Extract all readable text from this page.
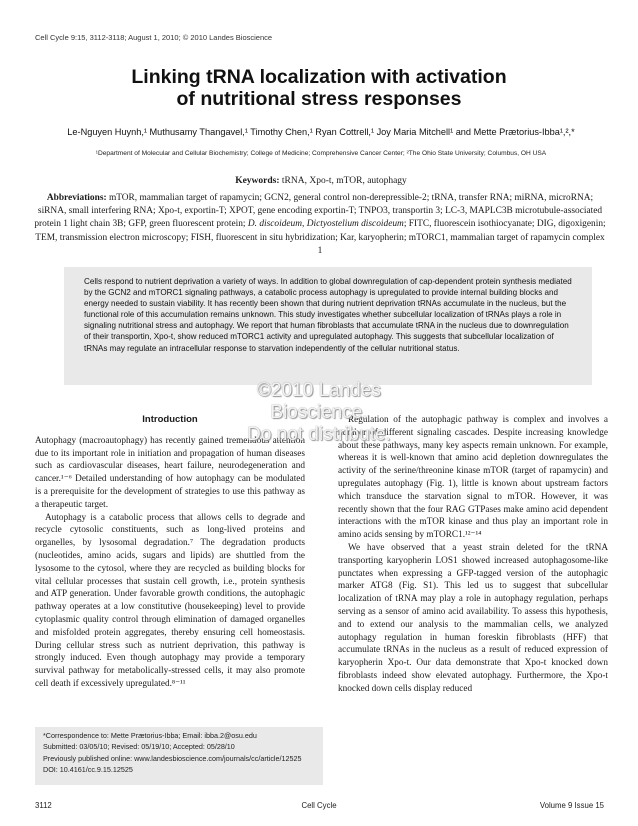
Cell Cycle 9:15, 3112-3118; August 1, 2010; © 2010 Landes Bioscience
Linking tRNA localization with activation
of nutritional stress responses
Le-Nguyen Huynh,¹ Muthusamy Thangavel,¹ Timothy Chen,¹ Ryan Cottrell,¹ Joy Maria Mitchell¹ and Mette Prætorius-Ibba¹,²,*
¹Department of Molecular and Cellular Biochemistry; College of Medicine; Comprehensive Cancer Center; ²The Ohio State University; Columbus, OH USA
Keywords: tRNA, Xpo-t, mTOR, autophagy
Abbreviations: mTOR, mammalian target of rapamycin; GCN2, general control non-derepressible-2; tRNA, transfer RNA; miRNA, microRNA; siRNA, small interfering RNA; Xpo-t, exportin-T; XPOT, gene encoding exportin-T; TNPO3, transportin 3; LC-3, MAPLC3B microtubule-associated protein 1 light chain 3B; GFP, green fluorescent protein; D. discoideum, Dictyostelium discoideum; FITC, fluorescein isothiocyanate; DIG, digoxigenin; TEM, transmission electron microscopy; FISH, fluorescent in situ hybridization; Kar, karyopherin; mTORC1, mammalian target of rapamycin complex 1

Cells respond to nutrient deprivation a variety of ways. In addition to global downregulation of cap-dependent protein synthesis mediated by the GCN2 and mTORC1 signaling pathways, a catabolic process autophagy is upregulated to provide internal building blocks and energy needed to sustain viability. It has recently been shown that during nutrient deprivation tRNAs accumulate in the nucleus, but the functional role of this accumulation remains unknown. This study investigates whether subcellular localization of tRNAs plays a role in signaling nutritional stress and autophagy. We report that human fibroblasts that accumulate tRNA in the nucleus due to downregulation of their transportin, Xpo-t, show reduced mTORC1 activity and upregulated autophagy. This suggests that subcellular localization of tRNAs may regulate an intracellular response to starvation independently of the cellular nutritional status.

Introduction

Autophagy (macroautophagy) has recently gained tremendous attention due to its important role in initiation and propagation of human diseases such as cardiovascular diseases, heart failure, neurodegeneration and cancer.¹⁻⁶ Detailed understanding of how autophagy can be modulated is a prerequisite for the development of strategies to use this pathway as a therapeutic target.

Autophagy is a catabolic process that allows cells to degrade and recycle cytosolic constituents, such as long-lived proteins and organelles, by lysosomal degradation.⁷ The degradation products (nucleotides, amino acids, sugars and lipids) are shuttled from the lysosome to the cytosol, where they are recycled as building blocks for vital cellular processes that sustain cell growth, i.e., protein synthesis and ATP generation. Under favorable growth conditions, the autophagic pathway operates at a low constitutive (housekeeping) level to provide cytoplasmic quality control through elimination of damaged organelles and misfolded protein aggregates, thereby ensuring cell homeostasis. During cellular stress such as nutrient deprivation, this pathway is strongly induced. Even though autophagy may provide a temporary survival pathway for metabolically-stressed cells, it may also promote cell death if excessively upregulated.⁸⁻¹¹

Regulation of the autophagic pathway is complex and involves a number of different signaling cascades. Despite increasing knowledge about these pathways, many key aspects remain unknown. For example, whereas it is well-known that amino acid depletion downregulates the activity of the serine/threonine kinase mTOR (target of rapamycin) and upregulates autophagy (Fig. 1), little is known about upstream factors which transduce the starvation signal to mTOR. However, it was recently shown that the four RAG GTPases make amino acid dependent interactions with the mTOR kinase and thus play an important role in amino acids sensing by mTORC1.¹²⁻¹⁴

We have observed that a yeast strain deleted for the tRNA transporting karyopherin LOS1 showed increased autophagosome-like punctates when expressing a GFP-tagged version of the autophagic marker ATG8 (Fig. S1). This led us to suggest that subcellular localization of tRNA may play a role in autophagy regulation, perhaps serving as a sensor of amino acid availability. To assess this hypothesis, and to extend our analysis to the mammalian cells, we analyzed autophagy regulation in human foreskin fibroblasts (HFF) that accumulate tRNAs in the nucleus as a result of reduced expression of karyopherin Xpo-t. Our data demonstrate that Xpo-t knocked down fibroblasts indeed show elevated autophagy. Furthermore, the Xpo-t knocked down cells display reduced

©2010 Landes Bioscience.
Do not distribute.
*Correspondence to: Mette Prætorius-Ibba; Email: ibba.2@osu.edu
Submitted: 03/05/10; Revised: 05/19/10; Accepted: 05/28/10
Previously published online: www.landesbioscience.com/journals/cc/article/12525
DOI: 10.4161/cc.9.15.12525
Cell Cycle
3112	Volume 9 Issue 15
